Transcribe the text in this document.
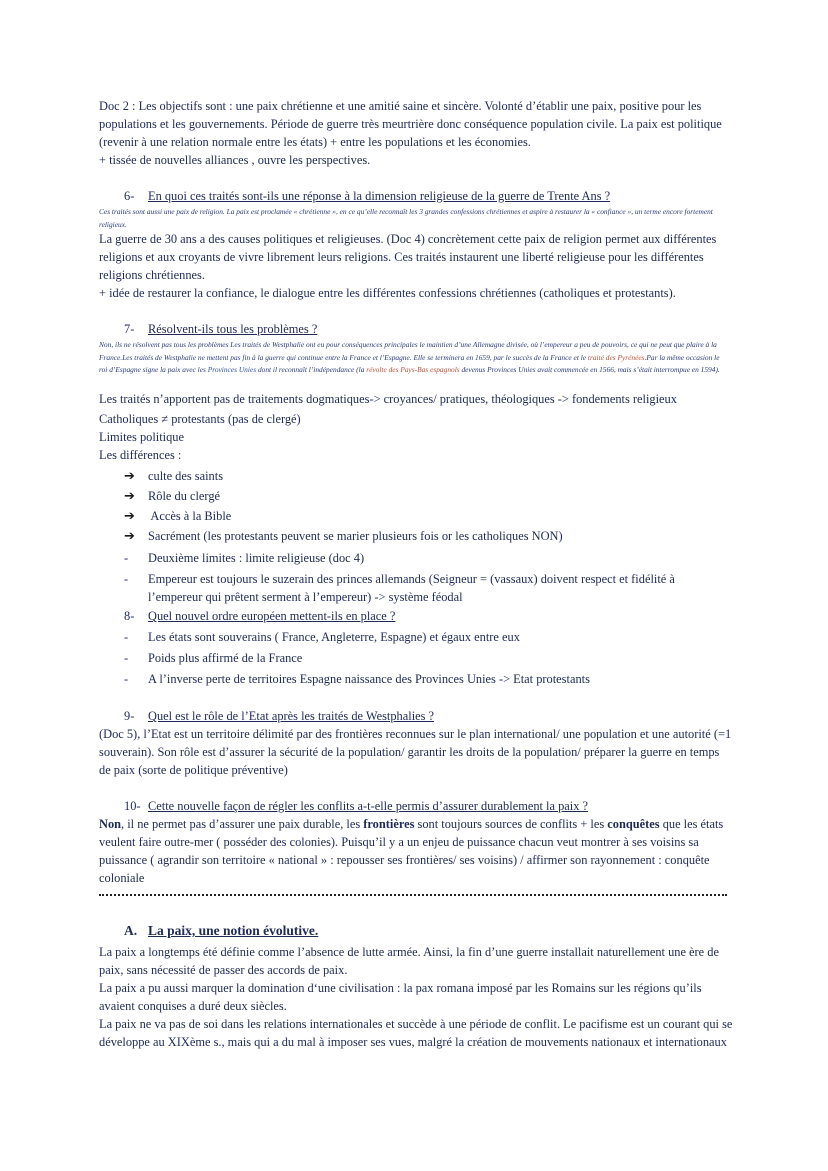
Doc 2 : Les objectifs sont : une paix chrétienne et une amitié saine et sincère. Volonté d’établir une paix, positive pour les
populations et les gouvernements. Période de guerre très meurtrière donc conséquence population civile. La paix est politique
(revenir à une relation normale entre les états) + entre les populations et les économies.
+ tissée de nouvelles alliances , ouvre les perspectives.
6- En quoi ces traités sont-ils une réponse à la dimension religieuse de la guerre de Trente Ans ?

Ces traités sont aussi une paix de religion. La paix est proclamée « chrétienne », en ce qu’elle reconnaît les 3 grandes confessions chrétiennes et aspire à restaurer la « confiance », un terme encore fortement religieux.

La guerre de 30 ans a des causes politiques et religieuses. (Doc 4) concrètement cette paix de religion permet aux différentes
religions et aux croyants de vivre librement leurs religions. Ces traités instaurent une liberté religieuse pour les différentes
religions chrétiennes.
+ idée de restaurer la confiance, le dialogue entre les différentes confessions chrétiennes (catholiques et protestants).
7- Résolvent-ils tous les problèmes ?

Non, ils ne résolvent pas tous les problèmes Les traités de Westphalie ont eu pour conséquences principales le maintien d’une Allemagne divisée, où l’empereur a peu de pouvoirs, ce qui ne peut que plaire à la France.Les traités de Westphalie ne mettent pas fin à la guerre qui continue entre la France et l’Espagne. Elle se terminera en 1659, par le succès de la France et le traité des Pyrénées.Par la même occasion le roi d’Espagne signe la paix avec les Provinces Unies dont il reconnaît l’indépendance (la révolte des Pays-Bas espagnols devenus Provinces Unies avait commencée en 1566, mais s’était interrompue en 1594).

Les traités n’apportent pas de traitements dogmatiques-> croyances/ pratiques, théologiques -> fondements religieux
Catholiques ≠ protestants (pas de clergé)
Limites politique
Les différences :
➔ culte des saints
➔ Rôle du clergé
➔ Accès à la Bible
➔ Sacrément (les protestants peuvent se marier plusieurs fois or les catholiques NON)
- Deuxième limites : limite religieuse (doc 4)
- Empereur est toujours le suzerain des princes allemands (Seigneur = (vassaux) doivent respect et fidélité à l’empereur qui prêtent serment à l’empereur) -> système féodal
8- Quel nouvel ordre européen mettent-ils en place ?
- Les états sont souverains ( France, Angleterre, Espagne) et égaux entre eux
- Poids plus affirmé de la France
- A l’inverse perte de territoires Espagne naissance des Provinces Unies -> Etat protestants
9- Quel est le rôle de l’Etat après les traités de Westphalies ?
(Doc 5), l’Etat est un territoire délimité par des frontières reconnues sur le plan international/ une population et une autorité (=1
souverain). Son rôle est d’assurer la sécurité de la population/ garantir les droits de la population/ préparer la guerre en temps
de paix (sorte de politique préventive)
10- Cette nouvelle façon de régler les conflits a-t-elle permis d’assurer durablement la paix ?
Non, il ne permet pas d’assurer une paix durable, les frontières sont toujours sources de conflits + les conquêtes que les états
veulent faire outre-mer ( posséder des colonies). Puisqu’il y a un enjeu de puissance chacun veut montrer à ses voisins sa
puissance ( agrandir son territoire « national » : repousser ses frontières/ ses voisins) / affirmer son rayonnement : conquête
coloniale
A. La paix, une notion évolutive.
La paix a longtemps été définie comme l’absence de lutte armée. Ainsi, la fin d’une guerre installait naturellement une ère de
paix, sans nécessité de passer des accords de paix.
La paix a pu aussi marquer la domination d‘une civilisation : la pax romana imposé par les Romains sur les régions qu’ils
avaient conquises a duré deux siècles.
La paix ne va pas de soi dans les relations internationales et succède à une période de conflit. Le pacifisme est un courant qui se
développe au XIXème s., mais qui a du mal à imposer ses vues, malgré la création de mouvements nationaux et internationaux
